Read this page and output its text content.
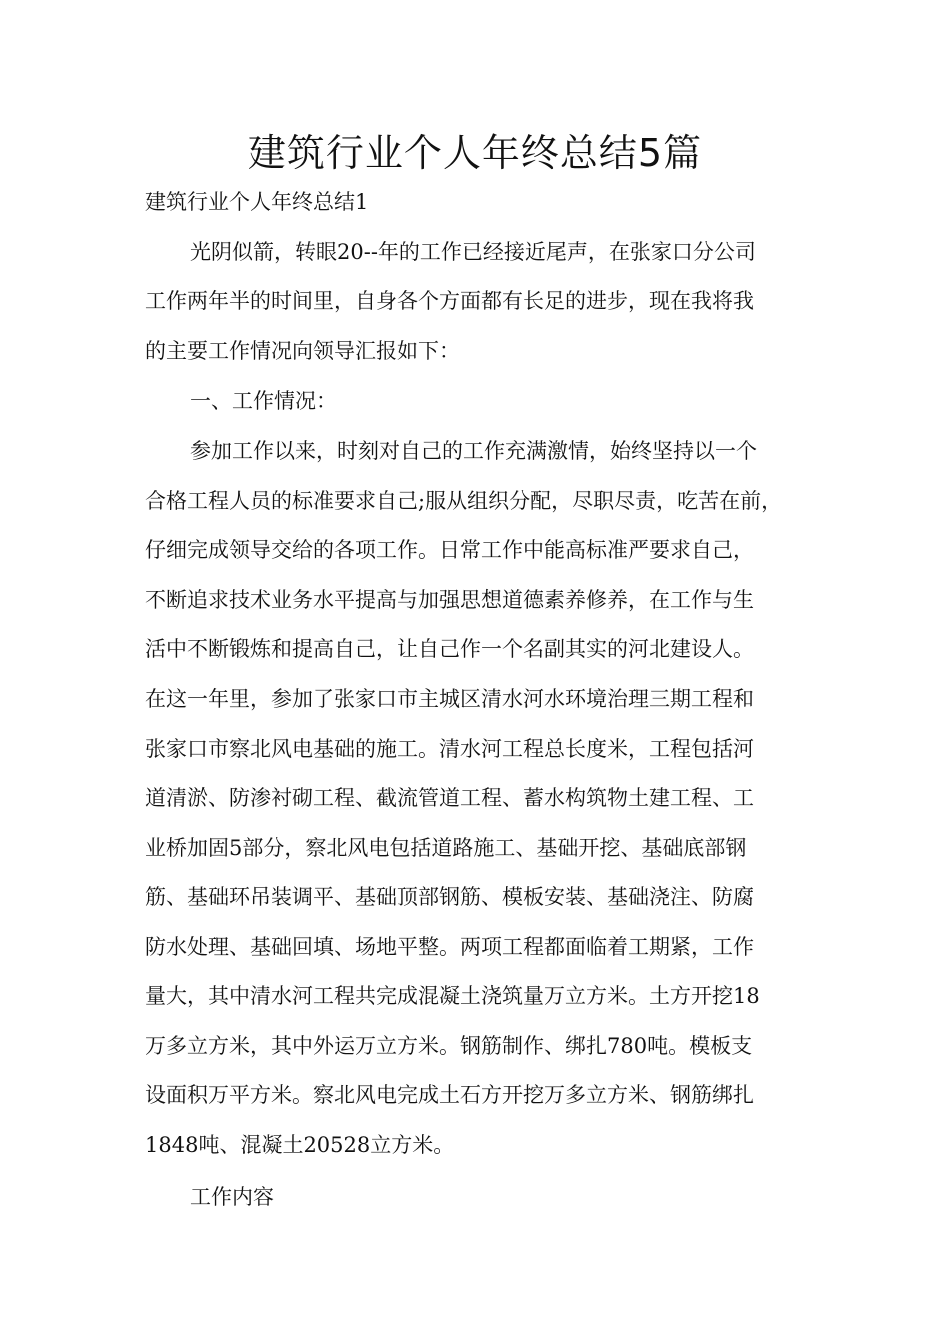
建筑行业个人年终总结5篇
建筑行业个人年终总结1
光阴似箭，转眼20--年的工作已经接近尾声，在张家口分公司
工作两年半的时间里，自身各个方面都有长足的进步，现在我将我
的主要工作情况向领导汇报如下：
一、工作情况：
参加工作以来，时刻对自己的工作充满激情，始终坚持以一个
合格工程人员的标准要求自己;服从组织分配，尽职尽责，吃苦在前，
仔细完成领导交给的各项工作。日常工作中能高标准严要求自己，
不断追求技术业务水平提高与加强思想道德素养修养，在工作与生
活中不断锻炼和提高自己，让自己作一个名副其实的河北建设人。
在这一年里，参加了张家口市主城区清水河水环境治理三期工程和
张家口市察北风电基础的施工。清水河工程总长度米，工程包括河
道清淤、防渗衬砌工程、截流管道工程、蓄水构筑物土建工程、工
业桥加固5部分，察北风电包括道路施工、基础开挖、基础底部钢
筋、基础环吊装调平、基础顶部钢筋、模板安装、基础浇注、防腐
防水处理、基础回填、场地平整。两项工程都面临着工期紧，工作
量大，其中清水河工程共完成混凝土浇筑量万立方米。土方开挖18
万多立方米，其中外运万立方米。钢筋制作、绑扎780吨。模板支
设面积万平方米。察北风电完成土石方开挖万多立方米、钢筋绑扎
1848吨、混凝土20528立方米。
工作内容
